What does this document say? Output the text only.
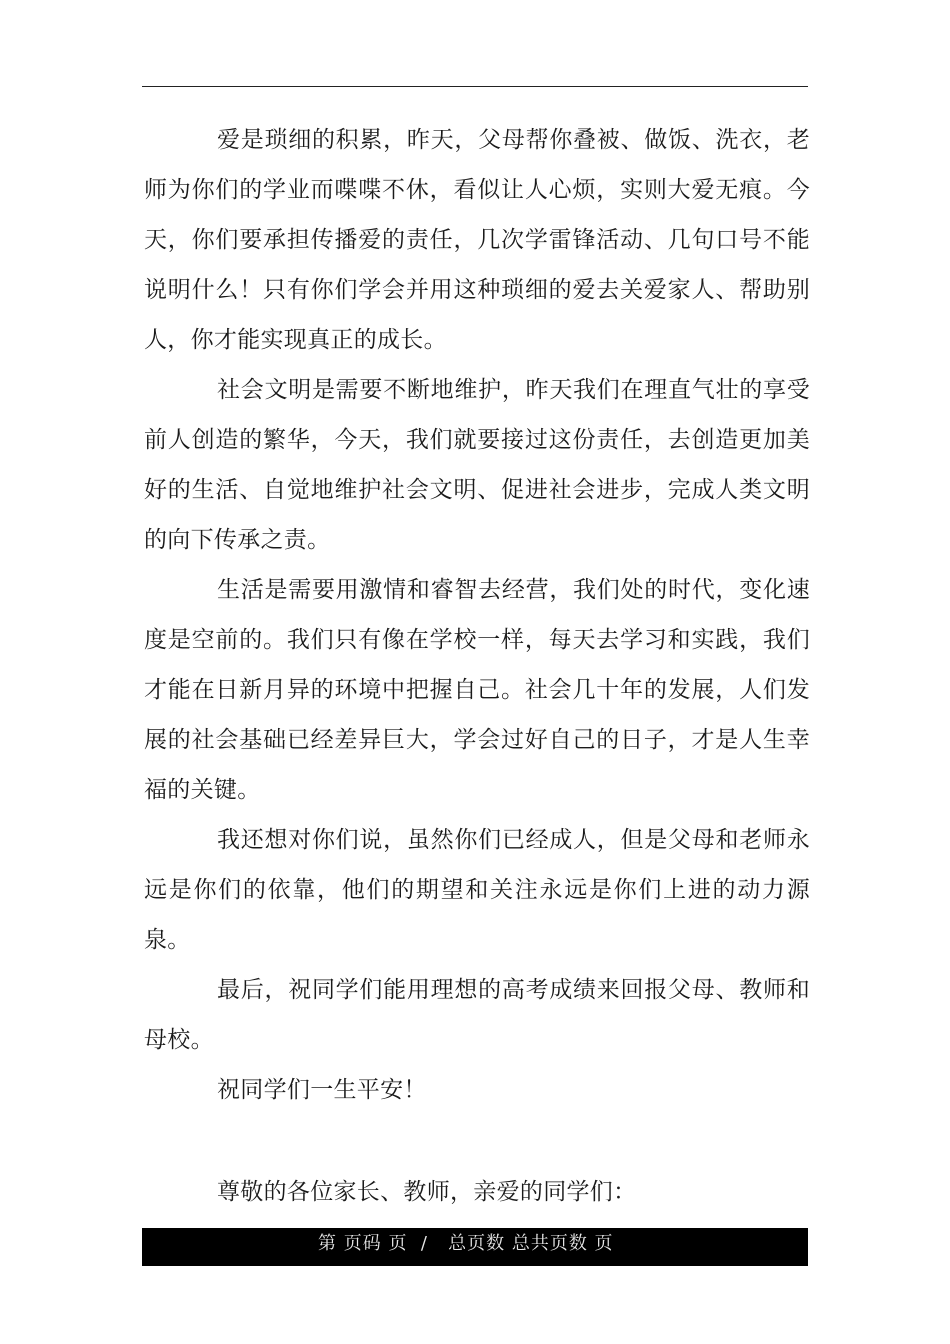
爱是琐细的积累，昨天，父母帮你叠被、做饭、洗衣，老师为你们的学业而喋喋不休，看似让人心烦，实则大爱无痕。今天，你们要承担传播爱的责任，几次学雷锋活动、几句口号不能说明什么！只有你们学会并用这种琐细的爱去关爱家人、帮助别人，你才能实现真正的成长。

社会文明是需要不断地维护，昨天我们在理直气壮的享受前人创造的繁华，今天，我们就要接过这份责任，去创造更加美好的生活、自觉地维护社会文明、促进社会进步，完成人类文明的向下传承之责。

生活是需要用激情和睿智去经营，我们处的时代，变化速度是空前的。我们只有像在学校一样，每天去学习和实践，我们才能在日新月异的环境中把握自己。社会几十年的发展，人们发展的社会基础已经差异巨大，学会过好自己的日子，才是人生幸福的关键。

我还想对你们说，虽然你们已经成人，但是父母和老师永远是你们的依靠，他们的期望和关注永远是你们上进的动力源泉。

最后，祝同学们能用理想的高考成绩来回报父母、教师和母校。

祝同学们一生平安！

尊敬的各位家长、教师，亲爱的同学们：

第 页码 页  /   总页数 总共页数 页
